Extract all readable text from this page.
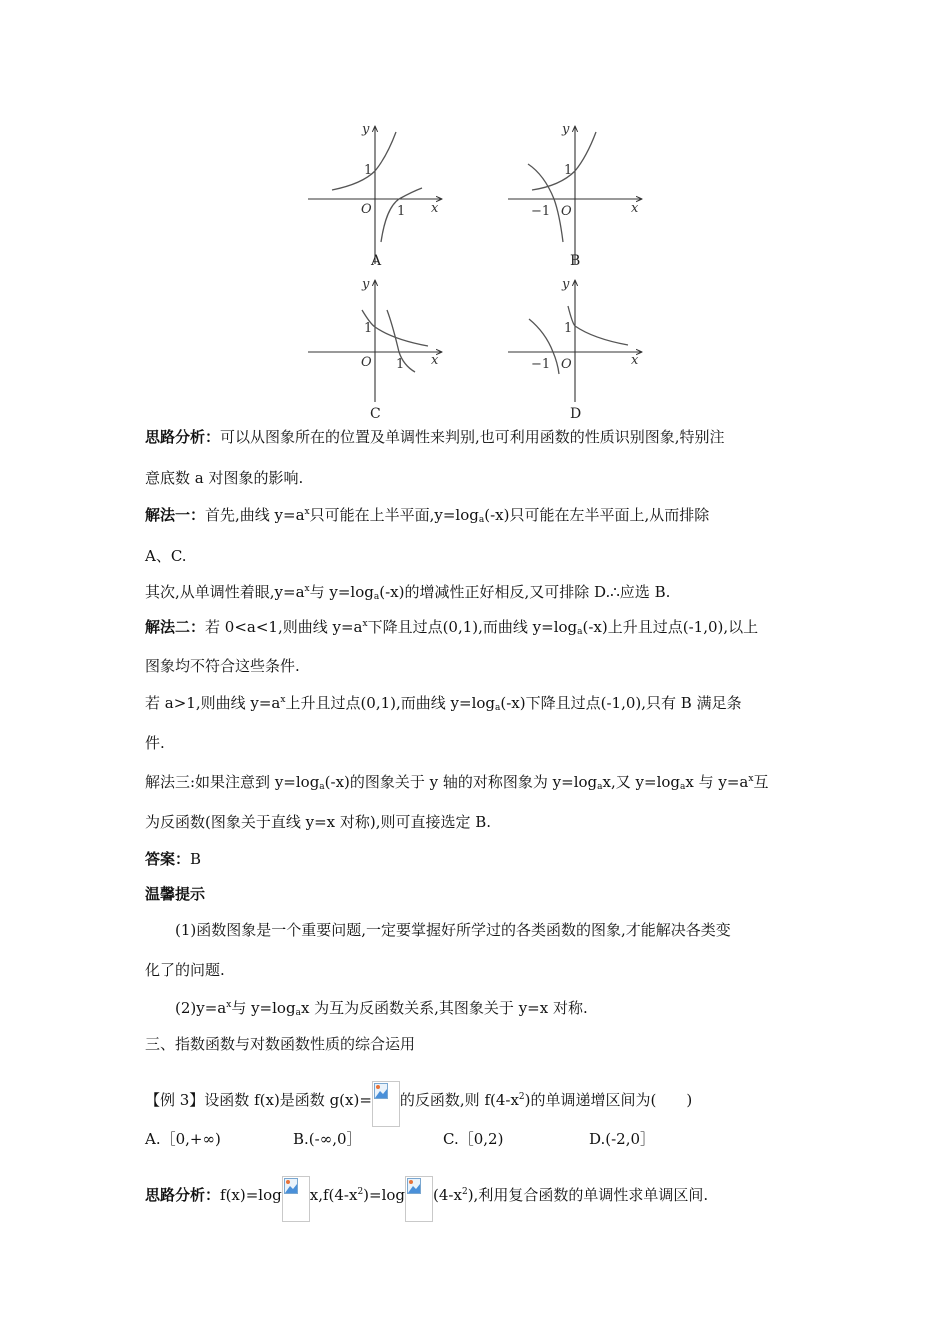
y
x
O
1
1
A
y
x
O
1
−1
B
y
x
O
1
1
C
y
x
O
1
−1
D
思路分析：可以从图象所在的位置及单调性来判别,也可利用函数的性质识别图象,特别注
意底数 a 对图象的影响.
解法一：首先,曲线 $y=a^x$只可能在上半平面$,y=\log_a(-x)$只可能在左半平面上,从而排除
A、C.
其次,从单调性着眼$,y=a^x$与 $y=\log_a(-x)$的增减性正好相反,又可排除 D.∴应选 B.
解法二：若 0<a<1,则曲线 $y=a^x$下降且过点(0,1),而曲线 $y=\log_a(-x)$上升且过点(-1,0),以上
图象均不符合这些条件.
若 a>1,则曲线 $y=a^x$上升且过点(0,1),而曲线 $y=\log_a(-x)$下降且过点(-1,0),只有 B 满足条
件.
解法三:如果注意到 $y=\log_a(-x)$的图象关于 y 轴的对称图象为 $y=\log_ax$,又 $y=\log_ax$ 与 $y=a^x$互
为反函数(图象关于直线 y=x 对称),则可直接选定 B.
答案：B
温馨提示
(1)函数图象是一个重要问题,一定要掌握好所学过的各类函数的图象,才能解决各类变
化了的问题.
$(2)y=a^x$与 $y=\log_ax$ 为互为反函数关系,其图象关于 y=x 对称.
三、指数函数与对数函数性质的综合运用
【例 3】设函数 f(x)是函数 g(x)= 的反函数,则 $f(4-x^2)$的单调递增区间为(　　)
A.［0,+∞)	B.(-∞,0］	C.［0,2)	D.(-2,0］
思路分析：f(x)=log $x,f(4-x^2)=\log$ $(4-x^2)$,利用复合函数的单调性求单调区间.
